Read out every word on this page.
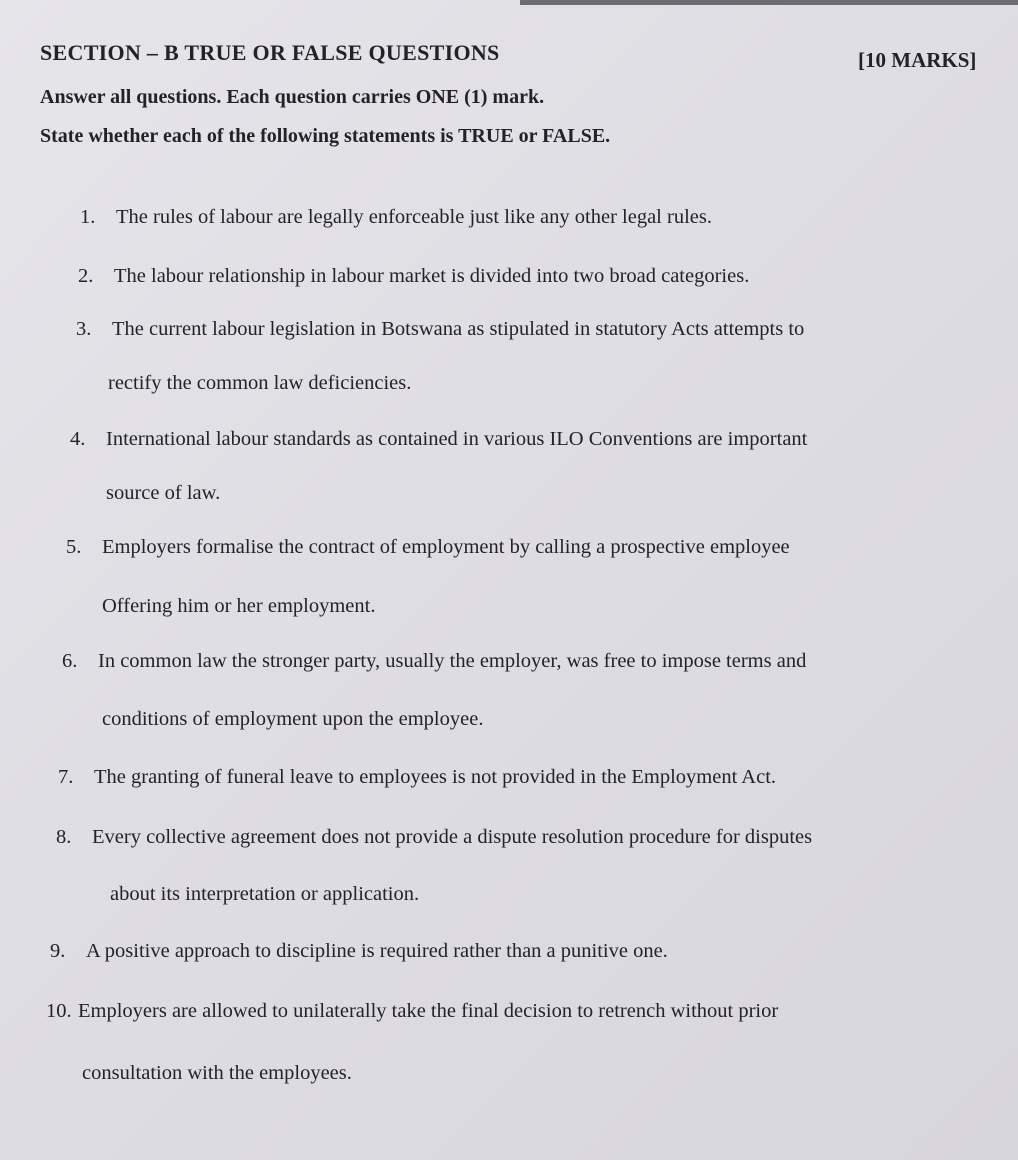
SECTION – B TRUE OR FALSE QUESTIONS	[10 MARKS]
Answer all questions. Each question carries ONE (1) mark.
State whether each of the following statements is TRUE or FALSE.
1. The rules of labour are legally enforceable just like any other legal rules.
2. The labour relationship in labour market is divided into two broad categories.
3. The current labour legislation in Botswana as stipulated in statutory Acts attempts to
rectify the common law deficiencies.
4. International labour standards as contained in various ILO Conventions are important
source of law.
5. Employers formalise the contract of employment by calling a prospective employee
Offering him or her employment.
6. In common law the stronger party, usually the employer, was free to impose terms and
conditions of employment upon the employee.
7. The granting of funeral leave to employees is not provided in the Employment Act.
8. Every collective agreement does not provide a dispute resolution procedure for disputes
about its interpretation or application.
9. A positive approach to discipline is required rather than a punitive one.
10. Employers are allowed to unilaterally take the final decision to retrench without prior
consultation with the employees.
